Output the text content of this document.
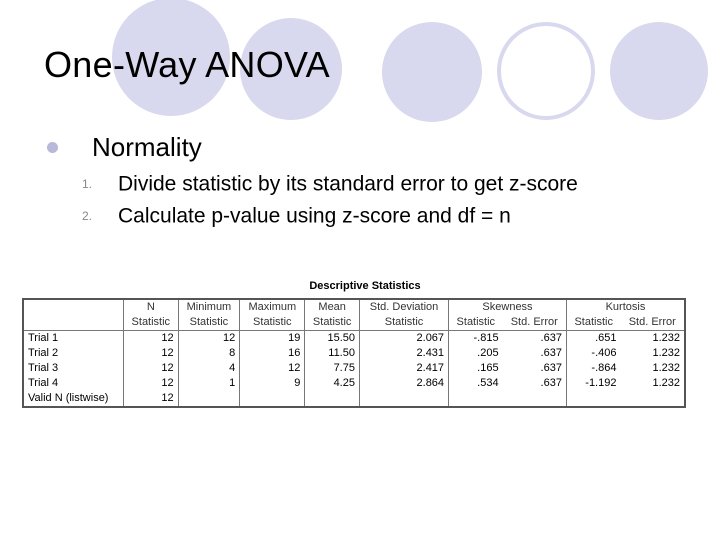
One-Way ANOVA
Normality
1. Divide statistic by its standard error to get z-score
2. Calculate p-value using z-score and df = n
Descriptive Statistics
	N	Minimum	Maximum	Mean	Std. Deviation	Skewness		Kurtosis	
	Statistic	Statistic	Statistic	Statistic	Statistic	Statistic	Std. Error	Statistic	Std. Error
Trial 1	12	12	19	15.50	2.067	-.815	.637	.651	1.232
Trial 2	12	8	16	11.50	2.431	.205	.637	-.406	1.232
Trial 3	12	4	12	7.75	2.417	.165	.637	-.864	1.232
Trial 4	12	1	9	4.25	2.864	.534	.637	-1.192	1.232
Valid N (listwise)	12								
